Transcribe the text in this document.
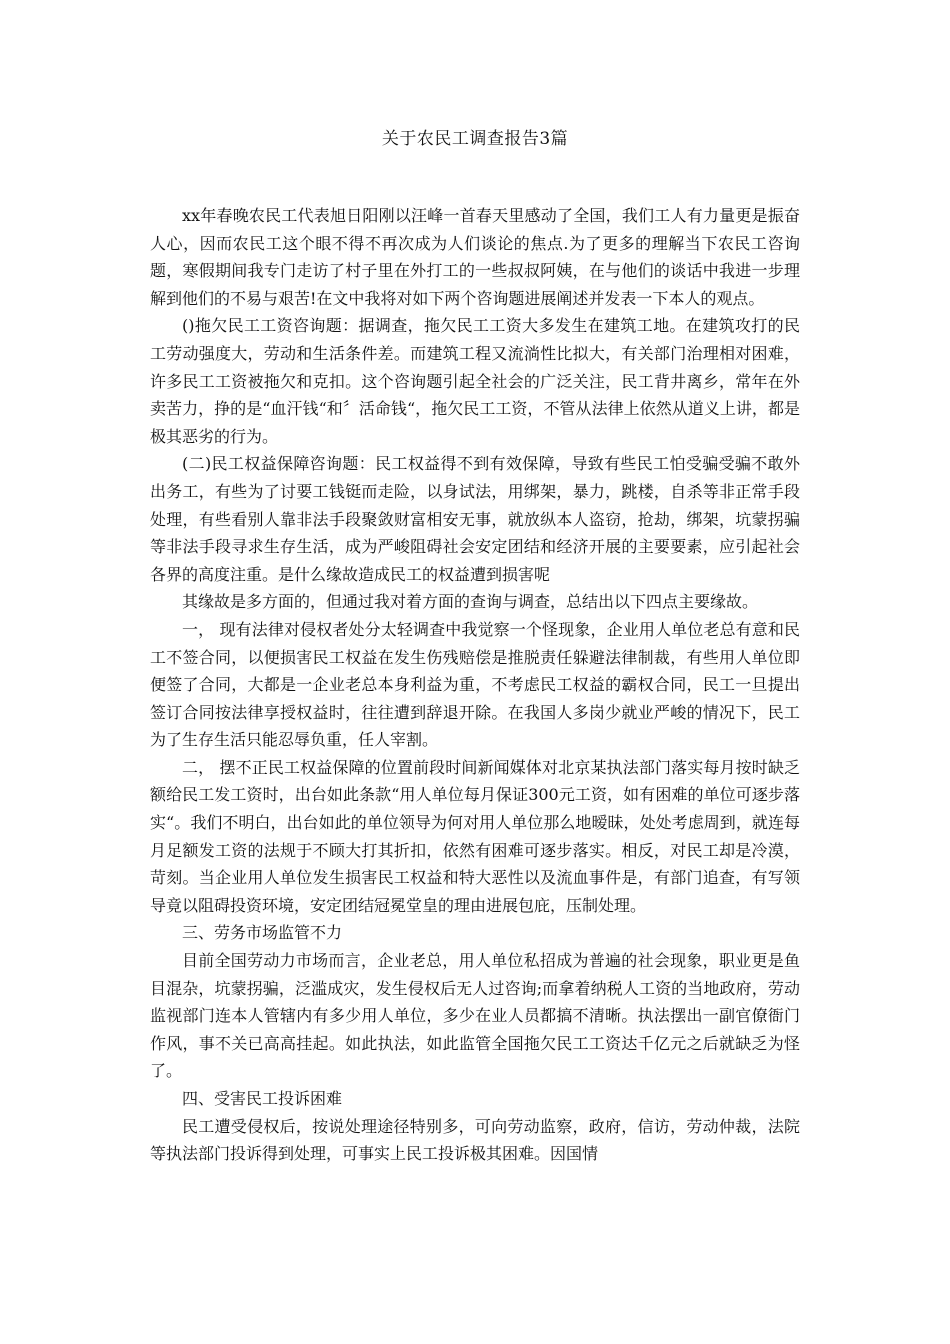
关于农民工调查报告3篇

xx年春晚农民工代表旭日阳刚以汪峰一首春天里感动了全国，我们工人有力量更是振奋人心，因而农民工这个眼不得不再次成为人们谈论的焦点.为了更多的理解当下农民工咨询题，寒假期间我专门走访了村子里在外打工的一些叔叔阿姨，在与他们的谈话中我进一步理解到他们的不易与艰苦!在文中我将对如下两个咨询题进展阐述并发表一下本人的观点。

()拖欠民工工资咨询题：据调查，拖欠民工工资大多发生在建筑工地。在建筑攻打的民工劳动强度大，劳动和生活条件差。而建筑工程又流淌性比拟大，有关部门治理相对困难，许多民工工资被拖欠和克扣。这个咨询题引起全社会的广泛关注，民工背井离乡，常年在外卖苦力，挣的是“血汗钱“和〞活命钱“，拖欠民工工资，不管从法律上依然从道义上讲，都是极其恶劣的行为。

(二)民工权益保障咨询题：民工权益得不到有效保障，导致有些民工怕受骗受骗不敢外出务工，有些为了讨要工钱铤而走险，以身试法，用绑架，暴力，跳楼，自杀等非正常手段处理，有些看别人靠非法手段聚敛财富相安无事，就放纵本人盗窃，抢劫，绑架，坑蒙拐骗等非法手段寻求生存生活，成为严峻阻碍社会安定团结和经济开展的主要要素，应引起社会各界的高度注重。是什么缘故造成民工的权益遭到损害呢

其缘故是多方面的，但通过我对着方面的查询与调查，总结出以下四点主要缘故。

一， 现有法律对侵权者处分太轻调查中我觉察一个怪现象，企业用人单位老总有意和民工不签合同，以便损害民工权益在发生伤残赔偿是推脱责任躲避法律制裁，有些用人单位即便签了合同，大都是一企业老总本身利益为重，不考虑民工权益的霸权合同，民工一旦提出签订合同按法律享授权益时，往往遭到辞退开除。在我国人多岗少就业严峻的情况下，民工为了生存生活只能忍辱负重，任人宰割。

二， 摆不正民工权益保障的位置前段时间新闻媒体对北京某执法部门落实每月按时缺乏额给民工发工资时，出台如此条款“用人单位每月保证300元工资，如有困难的单位可逐步落实“。我们不明白，出台如此的单位领导为何对用人单位那么地暧昧，处处考虑周到，就连每月足额发工资的法规于不顾大打其折扣，依然有困难可逐步落实。相反，对民工却是冷漠，苛刻。当企业用人单位发生损害民工权益和特大恶性以及流血事件是，有部门追查，有写领导竟以阻碍投资环境，安定团结冠冕堂皇的理由进展包庇，压制处理。

三、劳务市场监管不力

目前全国劳动力市场而言，企业老总，用人单位私招成为普遍的社会现象，职业更是鱼目混杂，坑蒙拐骗，泛滥成灾，发生侵权后无人过咨询;而拿着纳税人工资的当地政府，劳动监视部门连本人管辖内有多少用人单位，多少在业人员都搞不清晰。执法摆出一副官僚衙门作风，事不关已高高挂起。如此执法，如此监管全国拖欠民工工资达千亿元之后就缺乏为怪了。

四、受害民工投诉困难

民工遭受侵权后，按说处理途径特别多，可向劳动监察，政府，信访，劳动仲裁，法院等执法部门投诉得到处理，可事实上民工投诉极其困难。因国情
